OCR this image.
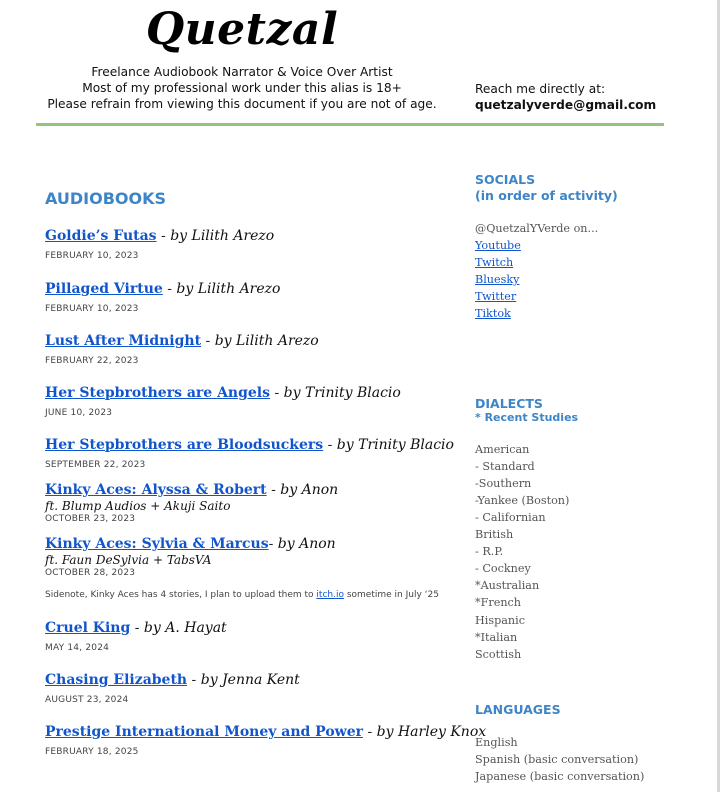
Quetzal
Freelance Audiobook Narrator & Voice Over Artist
Most of my professional work under this alias is 18+
Please refrain from viewing this document if you are not of age.
Reach me directly at:
quetzalyverde@gmail.com
AUDIOBOOKS
Goldie’s Futas - by Lilith Arezo
FEBRUARY 10, 2023
Pillaged Virtue - by Lilith Arezo
FEBRUARY 10, 2023
Lust After Midnight - by Lilith Arezo
FEBRUARY 22, 2023
Her Stepbrothers are Angels - by Trinity Blacio
JUNE 10, 2023
Her Stepbrothers are Bloodsuckers - by Trinity Blacio
SEPTEMBER 22, 2023
Kinky Aces: Alyssa & Robert - by Anon
ft. Blump Audios + Akuji Saito
OCTOBER 23, 2023
Kinky Aces: Sylvia & Marcus- by Anon
ft. Faun DeSylvia + TabsVA
OCTOBER 28, 2023
Sidenote, Kinky Aces has 4 stories, I plan to upload them to itch.io sometime in July ‘25
Cruel King - by A. Hayat
MAY 14, 2024
Chasing Elizabeth - by Jenna Kent
AUGUST 23, 2024
Prestige International Money and Power - by Harley Knox
FEBRUARY 18, 2025
SOCIALS
(in order of activity)
@QuetzalYVerde on...
Youtube
Twitch
Bluesky
Twitter
Tiktok
DIALECTS
* Recent Studies
American
- Standard
-Southern
-Yankee (Boston)
- Californian
British
- R.P.
- Cockney
*Australian
*French
Hispanic
*Italian
Scottish
LANGUAGES
English
Spanish (basic conversation)
Japanese (basic conversation)
